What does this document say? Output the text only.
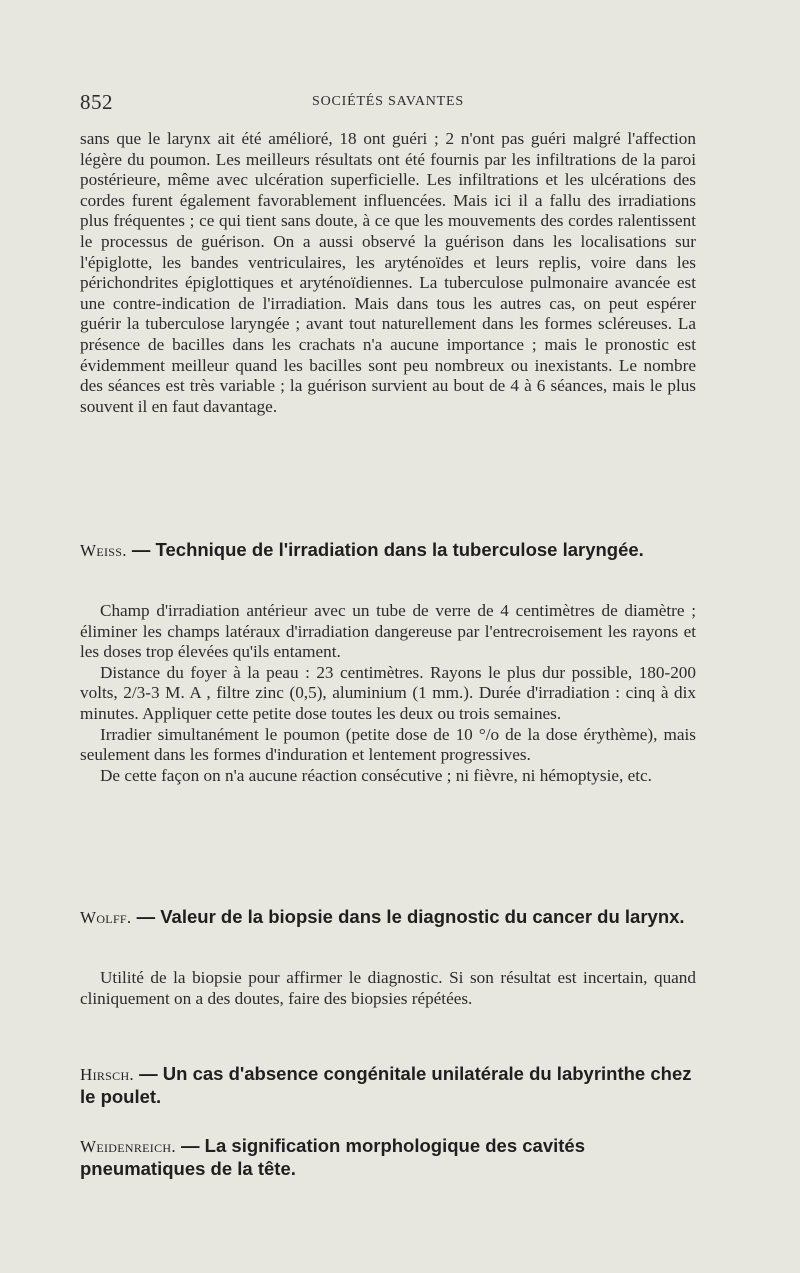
852	SOCIÉTÉS SAVANTES

sans que le larynx ait été amélioré, 18 ont guéri ; 2 n'ont pas guéri malgré l'affection légère du poumon. Les meilleurs résultats ont été fournis par les infiltrations de la paroi postérieure, même avec ulcération superficielle. Les infiltrations et les ulcérations des cordes furent également favorablement influencées. Mais ici il a fallu des irradiations plus fréquentes ; ce qui tient sans doute, à ce que les mouvements des cordes ralentissent le processus de guérison. On a aussi observé la guérison dans les localisations sur l'épiglotte, les bandes ventriculaires, les aryténoïdes et leurs replis, voire dans les périchondrites épiglottiques et aryténoïdiennes. La tuberculose pulmonaire avancée est une contre-indication de l'irradiation. Mais dans tous les autres cas, on peut espérer guérir la tuberculose laryngée ; avant tout naturellement dans les formes scléreuses. La présence de bacilles dans les crachats n'a aucune importance ; mais le pronostic est évidemment meilleur quand les bacilles sont peu nombreux ou inexistants. Le nombre des séances est très variable ; la guérison survient au bout de 4 à 6 séances, mais le plus souvent il en faut davantage.

Weiss. — Technique de l'irradiation dans la tuberculose laryngée.

Champ d'irradiation antérieur avec un tube de verre de 4 centimètres de diamètre ; éliminer les champs latéraux d'irradiation dangereuse par l'entrecroisement les rayons et les doses trop élevées qu'ils entament.

Distance du foyer à la peau : 23 centimètres. Rayons le plus dur possible, 180-200 volts, 2/3-3 M. A , filtre zinc (0,5), aluminium (1 mm.). Durée d'irradiation : cinq à dix minutes. Appliquer cette petite dose toutes les deux ou trois semaines.

Irradier simultanément le poumon (petite dose de 10 °/o de la dose érythème), mais seulement dans les formes d'induration et lentement progressives.

De cette façon on n'a aucune réaction consécutive ; ni fièvre, ni hémoptysie, etc.

Wolff. — Valeur de la biopsie dans le diagnostic du cancer du larynx.

Utilité de la biopsie pour affirmer le diagnostic. Si son résultat est incertain, quand cliniquement on a des doutes, faire des biopsies répétées.

Hirsch. — Un cas d'absence congénitale unilatérale du labyrinthe chez le poulet.
Weidenreich. — La signification morphologique des cavités pneumatiques de la tête.
